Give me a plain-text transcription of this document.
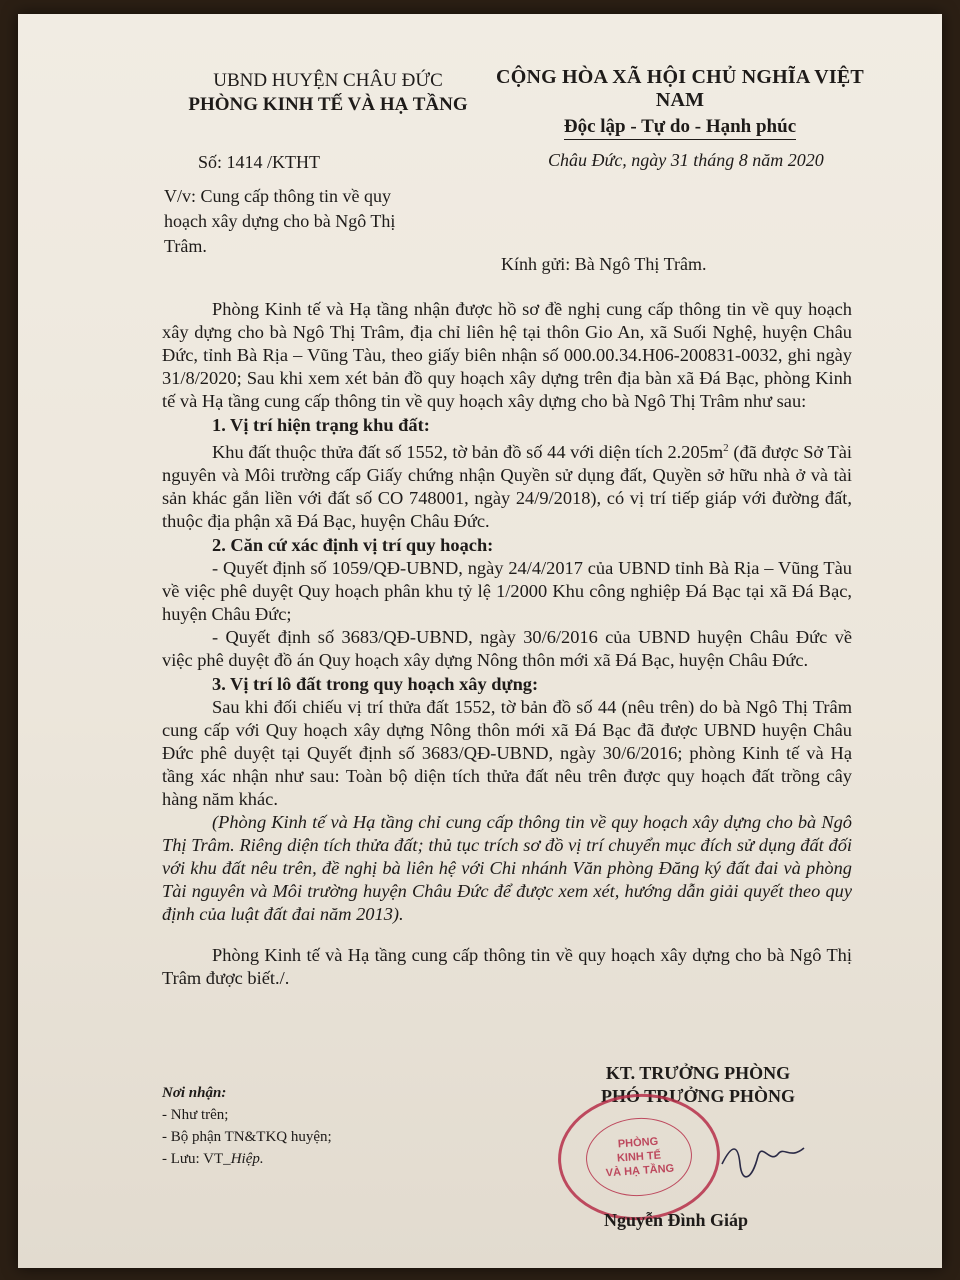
UBND HUYỆN CHÂU ĐỨC
PHÒNG KINH TẾ VÀ HẠ TẦNG
CỘNG HÒA XÃ HỘI CHỦ NGHĨA VIỆT NAM
Độc lập - Tự do - Hạnh phúc
Số: 1414 /KTHT	Châu Đức, ngày 31 tháng 8 năm 2020
V/v: Cung cấp thông tin về quy hoạch xây dựng cho bà Ngô Thị Trâm.
Kính gửi: Bà Ngô Thị Trâm.

Phòng Kinh tế và Hạ tầng nhận được hồ sơ đề nghị cung cấp thông tin về quy hoạch xây dựng cho bà Ngô Thị Trâm, địa chỉ liên hệ tại thôn Gio An, xã Suối Nghệ, huyện Châu Đức, tỉnh Bà Rịa – Vũng Tàu, theo giấy biên nhận số 000.00.34.H06-200831-0032, ghi ngày 31/8/2020; Sau khi xem xét bản đồ quy hoạch xây dựng trên địa bàn xã Đá Bạc, phòng Kinh tế và Hạ tầng cung cấp thông tin về quy hoạch xây dựng cho bà Ngô Thị Trâm như sau:

1. Vị trí hiện trạng khu đất:

Khu đất thuộc thửa đất số 1552, tờ bản đồ số 44 với diện tích $2.205m^2$ (đã được Sở Tài nguyên và Môi trường cấp Giấy chứng nhận Quyền sử dụng đất, Quyền sở hữu nhà ở và tài sản khác gắn liền với đất số CO 748001, ngày 24/9/2018), có vị trí tiếp giáp với đường đất, thuộc địa phận xã Đá Bạc, huyện Châu Đức.

2. Căn cứ xác định vị trí quy hoạch:

- Quyết định số 1059/QĐ-UBND, ngày 24/4/2017 của UBND tỉnh Bà Rịa – Vũng Tàu về việc phê duyệt Quy hoạch phân khu tỷ lệ 1/2000 Khu công nghiệp Đá Bạc tại xã Đá Bạc, huyện Châu Đức;

- Quyết định số 3683/QĐ-UBND, ngày 30/6/2016 của UBND huyện Châu Đức về việc phê duyệt đồ án Quy hoạch xây dựng Nông thôn mới xã Đá Bạc, huyện Châu Đức.

3. Vị trí lô đất trong quy hoạch xây dựng:

Sau khi đối chiếu vị trí thửa đất 1552, tờ bản đồ số 44 (nêu trên) do bà Ngô Thị Trâm cung cấp với Quy hoạch xây dựng Nông thôn mới xã Đá Bạc đã được UBND huyện Châu Đức phê duyệt tại Quyết định số 3683/QĐ-UBND, ngày 30/6/2016; phòng Kinh tế và Hạ tầng xác nhận như sau: Toàn bộ diện tích thửa đất nêu trên được quy hoạch đất trồng cây hàng năm khác.

(Phòng Kinh tế và Hạ tầng chỉ cung cấp thông tin về quy hoạch xây dựng cho bà Ngô Thị Trâm. Riêng diện tích thửa đất; thủ tục trích sơ đồ vị trí chuyển mục đích sử dụng đất đối với khu đất nêu trên, đề nghị bà liên hệ với Chi nhánh Văn phòng Đăng ký đất đai và phòng Tài nguyên và Môi trường huyện Châu Đức để được xem xét, hướng dẫn giải quyết theo quy định của luật đất đai năm 2013).

Phòng Kinh tế và Hạ tầng cung cấp thông tin về quy hoạch xây dựng cho bà Ngô Thị Trâm được biết./.

KT. TRƯỞNG PHÒNG
PHÓ TRƯỞNG PHÒNG
Nơi nhận:
- Như trên;
- Bộ phận TN&TKQ huyện;
- Lưu: VT_Hiệp.
PHÒNG
KINH TẾ
VÀ HẠ TẦNG
Nguyễn Đình Giáp
